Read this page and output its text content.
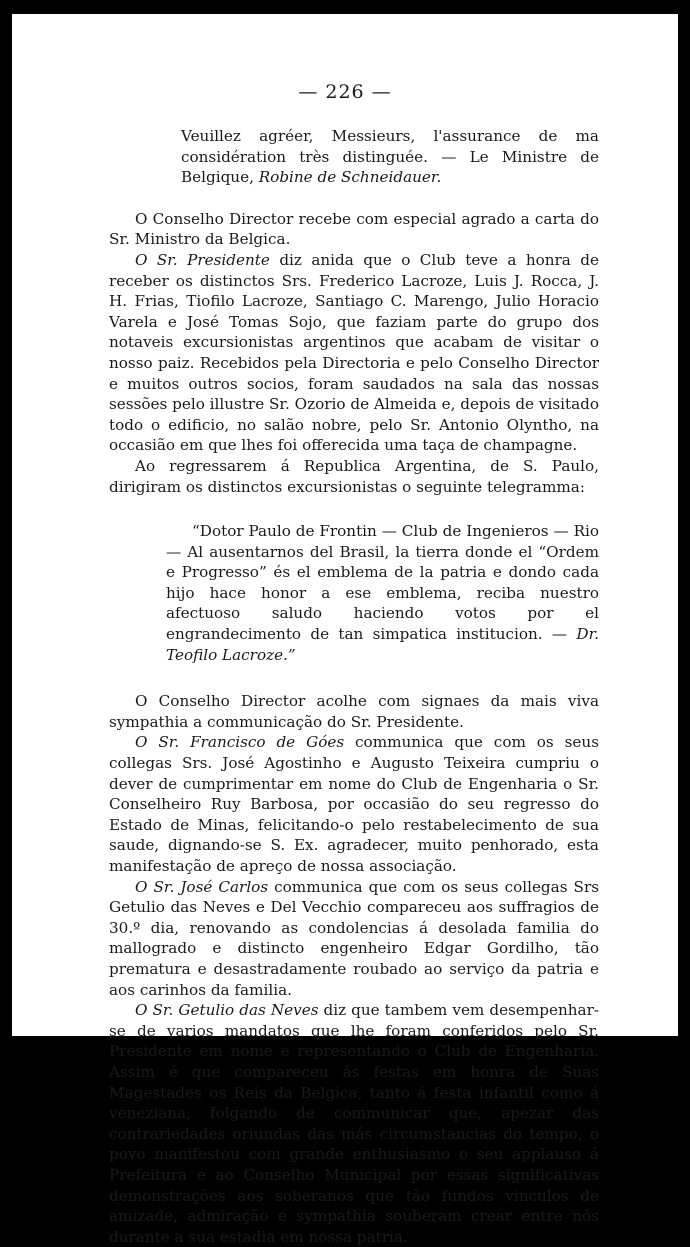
— 226 —

Veuillez agréer, Messieurs, l'assurance de ma considération très distinguée. — Le Ministre de Belgique, Robine de Schneidauer.

O Conselho Director recebe com especial agrado a carta do Sr. Ministro da Belgica.

O Sr. Presidente diz anida que o Club teve a honra de receber os distinctos Srs. Frederico Lacroze, Luis J. Rocca, J. H. Frias, Tiofilo Lacroze, Santiago C. Marengo, Julio Horacio Varela e José Tomas Sojo, que faziam parte do grupo dos notaveis excursionistas argentinos que acabam de visitar o nosso paiz. Recebidos pela Directoria e pelo Conselho Director e muitos outros socios, foram saudados na sala das nossas sessões pelo illustre Sr. Ozorio de Almeida e, depois de visitado todo o edificio, no salão nobre, pelo Sr. Antonio Olyntho, na occasião em que lhes foi offerecida uma taça de champagne.

Ao regressarem á Republica Argentina, de S. Paulo, dirigiram os distinctos excursionistas o seguinte telegramma:

“Dotor Paulo de Frontin — Club de Ingenieros — Rio — Al ausentarnos del Brasil, la tierra donde el “Ordem e Progresso” és el emblema de la patria e dondo cada hijo hace honor a ese emblema, reciba nuestro afectuoso saludo haciendo votos por el engrandecimento de tan simpatica institucion. — Dr. Teofilo Lacroze.”

O Conselho Director acolhe com signaes da mais viva sympathia a communicação do Sr. Presidente.

O Sr. Francisco de Góes communica que com os seus collegas Srs. José Agostinho e Augusto Teixeira cumpriu o dever de cumprimentar em nome do Club de Engenharia o Sr. Conselheiro Ruy Barbosa, por occasião do seu regresso do Estado de Minas, felicitando-o pelo restabelecimento de sua saude, dignando-se S. Ex. agradecer, muito penhorado, esta manifestação de apreço de nossa associação.

O Sr. José Carlos communica que com os seus collegas Srs Getulio das Neves e Del Vecchio compareceu aos suffragios de 30.º dia, renovando as condolencias á desolada familia do mallogrado e distincto engenheiro Edgar Gordilho, tão prematura e desastradamente roubado ao serviço da patria e aos carinhos da familia.

O Sr. Getulio das Neves diz que tambem vem desempenhar-se de varios mandatos que lhe foram conferidos pelo Sr. Presidente em nome e representando o Club de Engenharia. Assim é que compareceu ás festas em honra de Suas Magestades os Reis da Belgica, tanto á festa infantil como á veneziana, folgando de communicar que, apezar das contrariedades oriundas das más circumstancias do tempo, o povo manifestou com grande enthusiasmo o seu applauso á Prefeitura e ao Conselho Municipal por essas significativas demonstrações aos soberanos que tão fundos vinculos de amizade, admiração e sympathia souberam crear entre nós durante a sua estadia em nossa patria.
